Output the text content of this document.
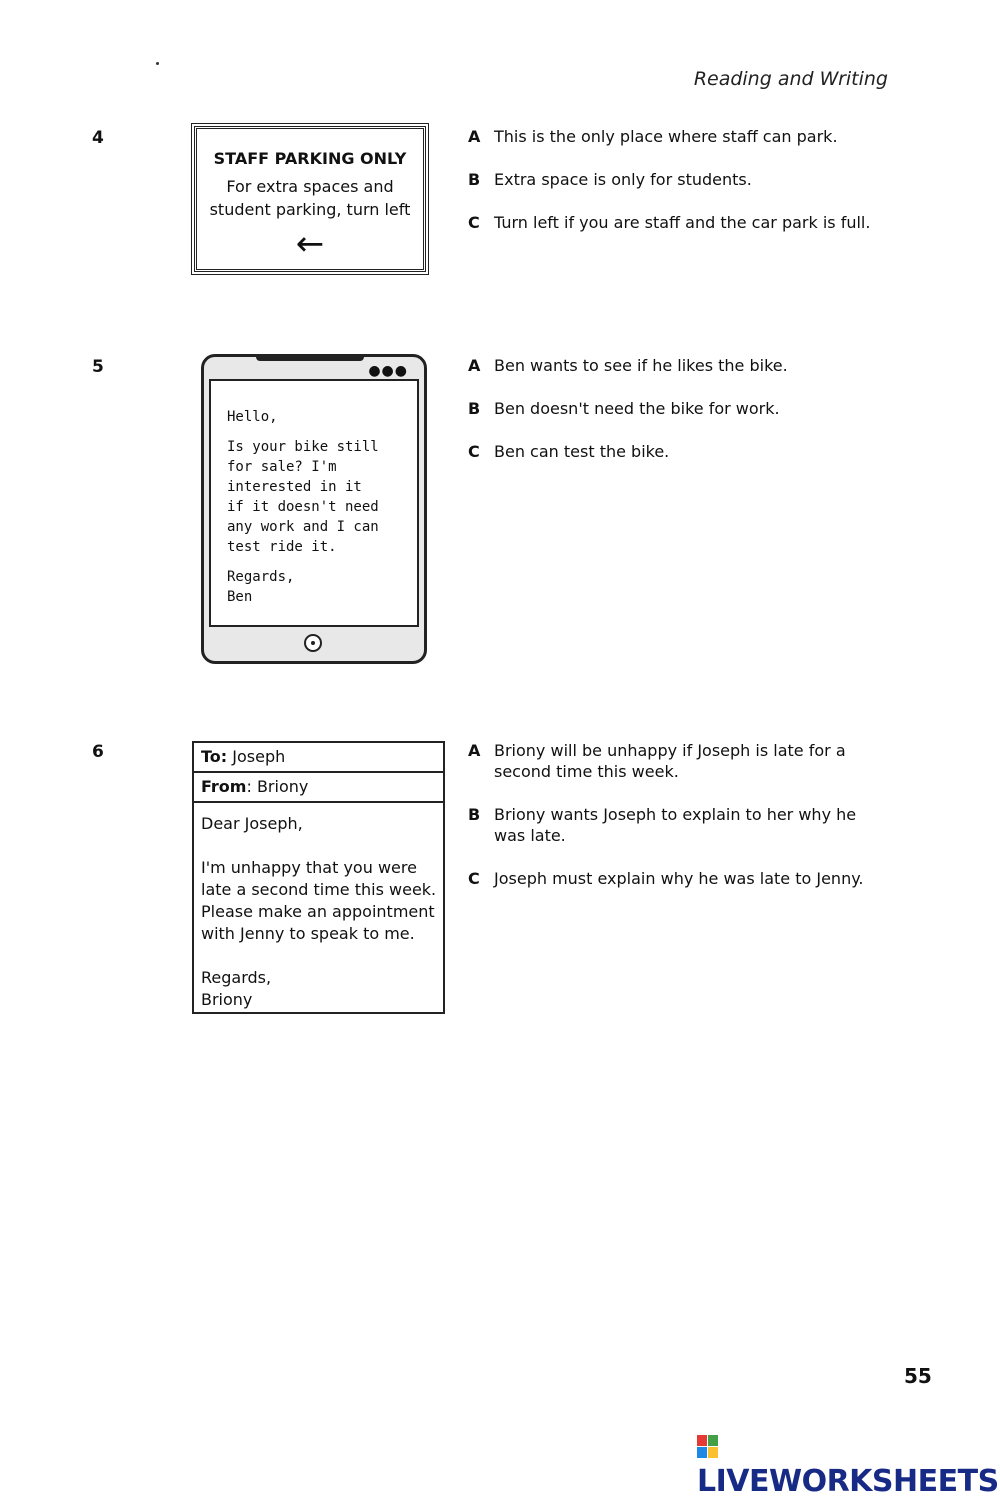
Reading and Writing
4
STAFF PARKING ONLY
For extra spaces and
student parking, turn left
←
A This is the only place where staff can park.
B Extra space is only for students.
C Turn left if you are staff and the car park is full.
5	●●●

Hello,

Is your bike still
for sale? I'm
interested in it
if it doesn't need
any work and I can
test ride it.

Regards,
Ben

A Ben wants to see if he likes the bike.
B Ben doesn't need the bike for work.
C Ben can test the bike.
6	To: Joseph
From: Briony

Dear Joseph,

I'm unhappy that you were late a second time this week. Please make an appointment with Jenny to speak to me.

Regards,
Briony

A Briony will be unhappy if Joseph is late for a second time this week.
B Briony wants Joseph to explain to her why he was late.
C Joseph must explain why he was late to Jenny.
55
LIVEWORKSHEETS
